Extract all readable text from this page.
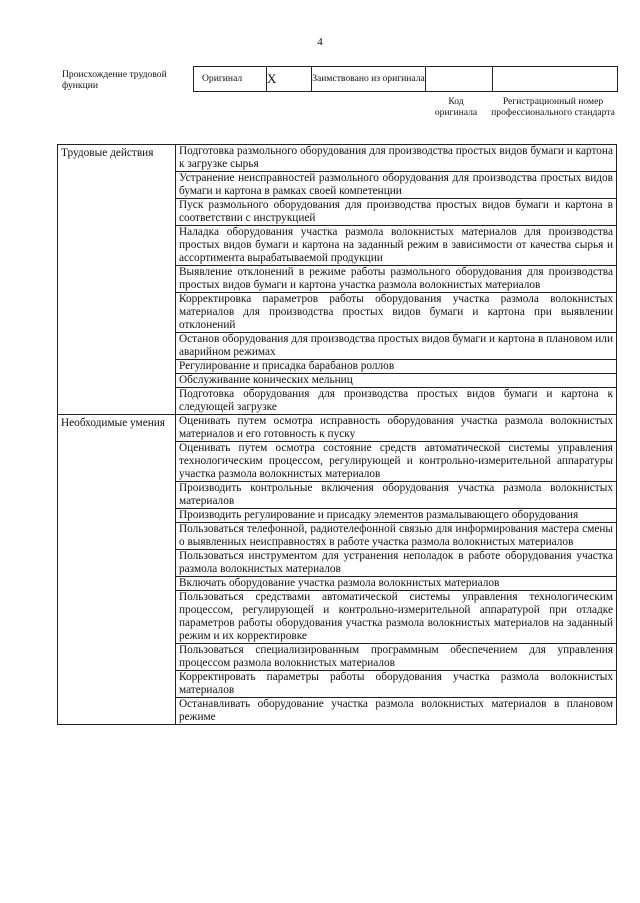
4
Происхождение трудовой функции
Оригинал	X	Заимствовано из оригинала		
Код оригинала
Регистрационный номер профессионального стандарта
Трудовые действия	Подготовка размольного оборудования для производства простых видов бумаги и картона к загрузке сырья
	Устранение неисправностей размольного оборудования для производства простых видов бумаги и картона в рамках своей компетенции
	Пуск размольного оборудования для производства простых видов бумаги и картона в соответствии с инструкцией
	Наладка оборудования участка размола волокнистых материалов для производства простых видов бумаги и картона на заданный режим в зависимости от качества сырья и ассортимента вырабатываемой продукции
	Выявление отклонений в режиме работы размольного оборудования для производства простых видов бумаги и картона участка размола волокнистых материалов
	Корректировка параметров работы оборудования участка размола волокнистых материалов для производства простых видов бумаги и картона при выявлении отклонений
	Останов оборудования для производства простых видов бумаги и картона в плановом или аварийном режимах
	Регулирование и присадка барабанов роллов
	Обслуживание конических мельниц
	Подготовка оборудования для производства простых видов бумаги и картона к следующей загрузке
Необходимые умения	Оценивать путем осмотра исправность оборудования участка размола волокнистых материалов и его готовность к пуску
	Оценивать путем осмотра состояние средств автоматической системы управления технологическим процессом, регулирующей и контрольно-измерительной аппаратуры участка размола волокнистых материалов
	Производить контрольные включения оборудования участка размола волокнистых материалов
	Производить регулирование и присадку элементов размалывающего оборудования
	Пользоваться телефонной, радиотелефонной связью для информирования мастера смены о выявленных неисправностях в работе участка размола волокнистых материалов
	Пользоваться инструментом для устранения неполадок в работе оборудования участка размола волокнистых материалов
	Включать оборудование участка размола волокнистых материалов
	Пользоваться средствами автоматической системы управления технологическим процессом, регулирующей и контрольно-измерительной аппаратурой при отладке параметров работы оборудования участка размола волокнистых материалов на заданный режим и их корректировке
	Пользоваться специализированным программным обеспечением для управления процессом размола волокнистых материалов
	Корректировать параметры работы оборудования участка размола волокнистых материалов
	Останавливать оборудование участка размола волокнистых материалов в плановом режиме
